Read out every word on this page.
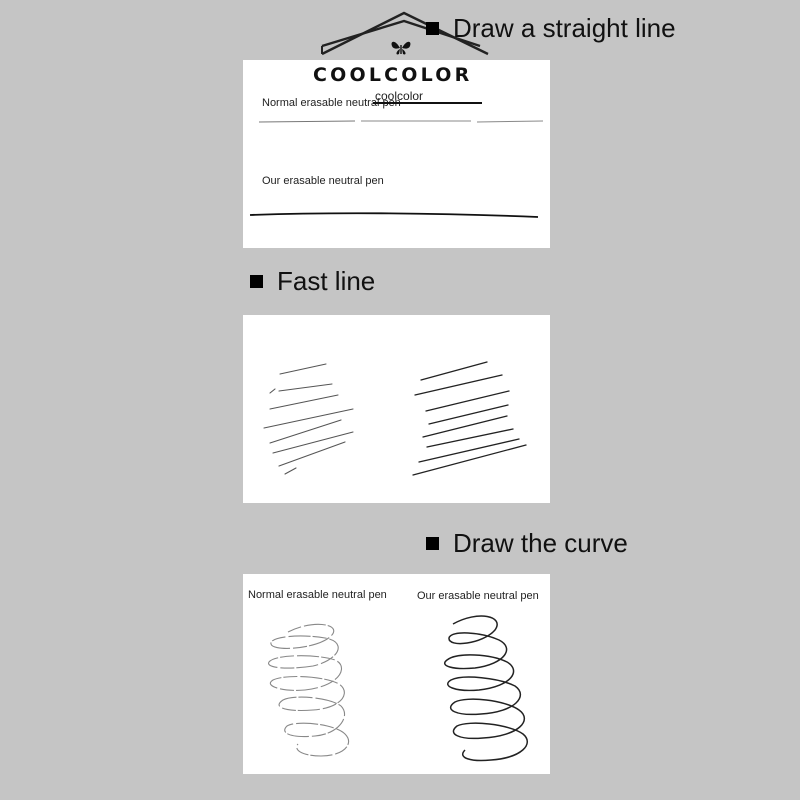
Draw a straight line
Normal erasable neutral pen
Our erasable neutral pen
COOLCOLOR
coolcolor
Fast line
Draw the curve
Normal erasable neutral pen	Our erasable neutral pen
